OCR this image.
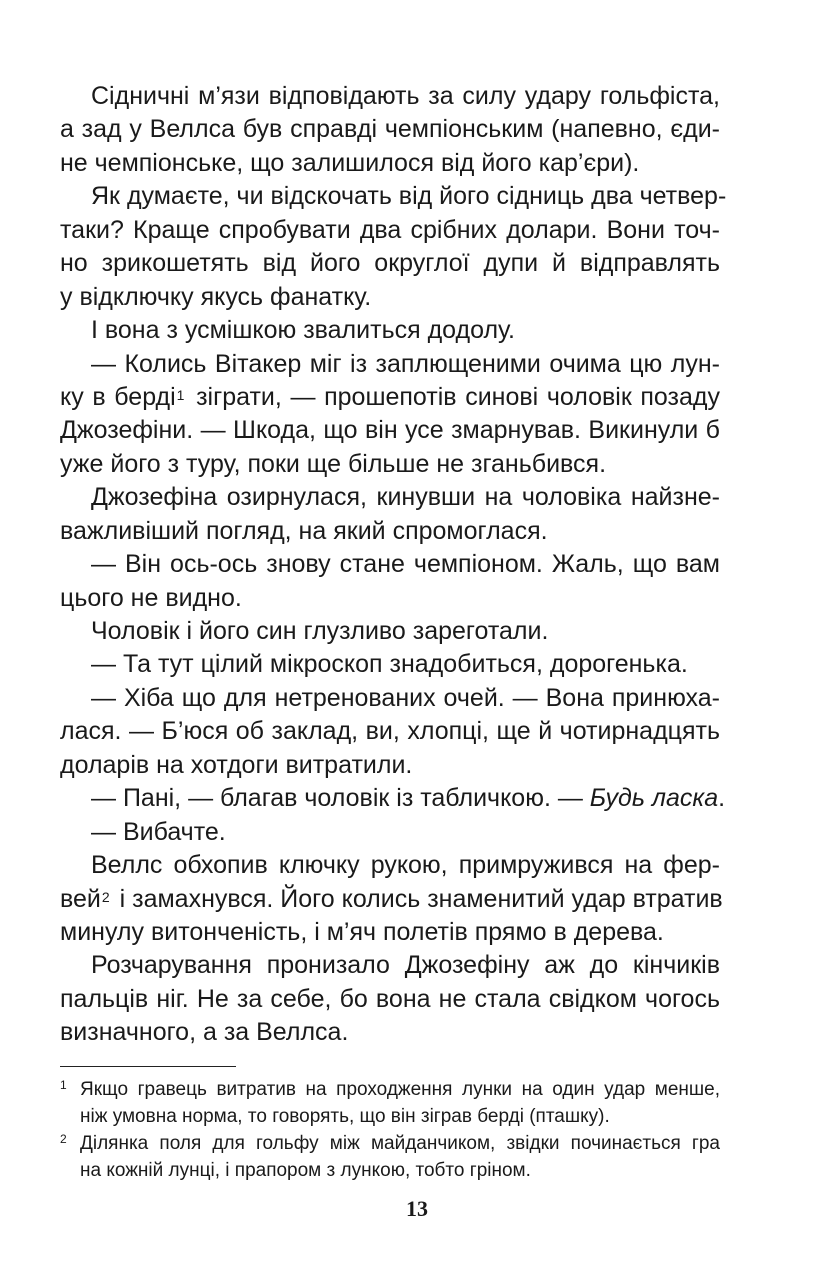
Сідничні м’язи відповідають за силу удару гольфіста,
а зад у Веллса був справді чемпіонським (напевно, єди-
не чемпіонське, що залишилося від його кар’єри).
Як думаєте, чи відскочать від його сідниць два четвер-
таки? Краще спробувати два срібних долари. Вони точ-
но зрикошетять від його округлої дупи й відправлять
у відключку якусь фанатку.
І вона з усмішкою звалиться додолу.
— Колись Вітакер міг із заплющеними очима цю лун-
ку в берді$^1$ зіграти, — прошепотів синові чоловік позаду
Джозефіни. — Шкода, що він усе змарнував. Викинули б
уже його з туру, поки ще більше не зганьбився.
Джозефіна озирнулася, кинувши на чоловіка найзне-
важливіший погляд, на який спромоглася.
— Він ось-ось знову стане чемпіоном. Жаль, що вам
цього не видно.
Чоловік і його син глузливо зареготали.
— Та тут цілий мікроскоп знадобиться, дорогенька.
— Хіба що для нетренованих очей. — Вона принюха-
лася. — Б’юся об заклад, ви, хлопці, ще й чотирнадцять
доларів на хотдоги витратили.
— Пані, — благав чоловік із табличкою. — Будь ласка.
— Вибачте.
Веллс обхопив ключку рукою, примружився на фер-
вей$^2$ і замахнувся. Його колись знаменитий удар втратив
минулу витонченість, і м’яч полетів прямо в дерева.
Розчарування пронизало Джозефіну аж до кінчиків
пальців ніг. Не за себе, бо вона не стала свідком чогось
визначного, а за Веллса.
1 Якщо гравець витратив на проходження лунки на один удар менше,
ніж умовна норма, то говорять, що він зіграв берді (пташку).
2 Ділянка поля для гольфу між майданчиком, звідки починається гра
на кожній лунці, і прапором з лункою, тобто гріном.
13
